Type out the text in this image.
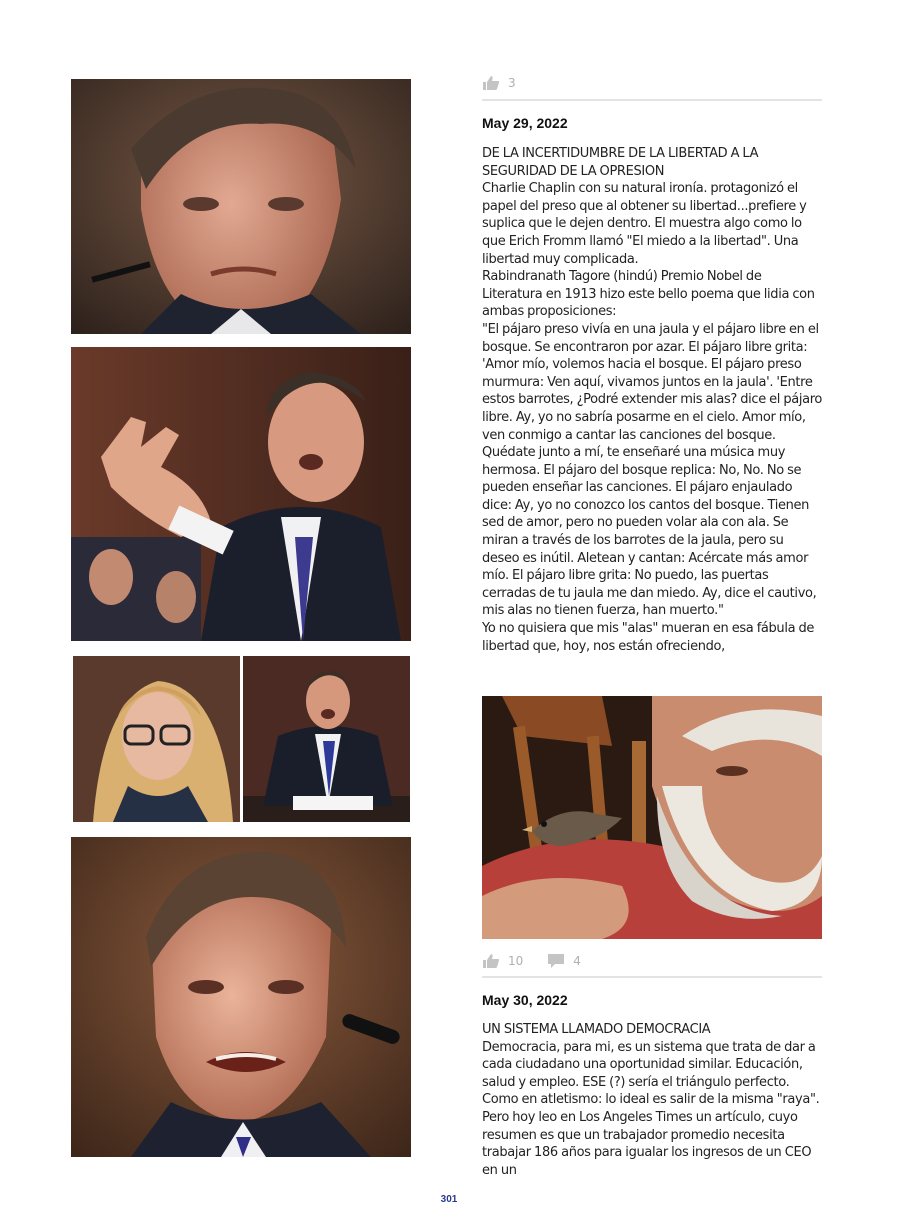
3
May 29, 2022

DE LA INCERTIDUMBRE DE LA LIBERTAD A LA SEGURIDAD DE LA OPRESION

Charlie Chaplin con su natural ironía. protagonizó el papel del preso que al obtener su libertad...prefiere y suplica que le dejen dentro. El muestra algo como lo que Erich Fromm llamó "El miedo a la libertad". Una libertad muy complicada.

Rabindranath Tagore (hindú) Premio Nobel de Literatura en 1913 hizo este bello poema que lidia con ambas proposiciones:

"El pájaro preso vivía en una jaula y el pájaro libre en el bosque. Se encontraron por azar. El pájaro libre grita: 'Amor mío, volemos hacia el bosque. El pájaro preso murmura: Ven aquí, vivamos juntos en la jaula'. 'Entre estos barrotes, ¿Podré extender mis alas? dice el pájaro libre. Ay, yo no sabría posarme en el cielo. Amor mío, ven conmigo a cantar las canciones del bosque. Quédate junto a mí, te enseñaré una música muy hermosa. El pájaro del bosque replica: No, No. No se pueden enseñar las canciones. El pájaro enjaulado dice: Ay, yo no conozco los cantos del bosque. Tienen sed de amor, pero no pueden volar ala con ala. Se miran a través de los barrotes de la jaula, pero su deseo es inútil. Aletean y cantan: Acércate más amor mío. El pájaro libre grita: No puedo, las puertas cerradas de tu jaula me dan miedo. Ay, dice el cautivo, mis alas no tienen fuerza, han muerto."

Yo no quisiera que mis "alas" mueran en esa fábula de libertad que, hoy, nos están ofreciendo,

10	4
May 30, 2022

UN SISTEMA LLAMADO DEMOCRACIA

Democracia, para mi, es un sistema que trata de dar a cada ciudadano una oportunidad similar. Educación, salud y empleo. ESE (?) sería el triángulo perfecto. Como en atletismo: lo ideal es salir de la misma "raya". Pero hoy leo en Los Angeles Times un artículo, cuyo resumen es que un trabajador promedio necesita trabajar 186 años para igualar los ingresos de un CEO en un

301
